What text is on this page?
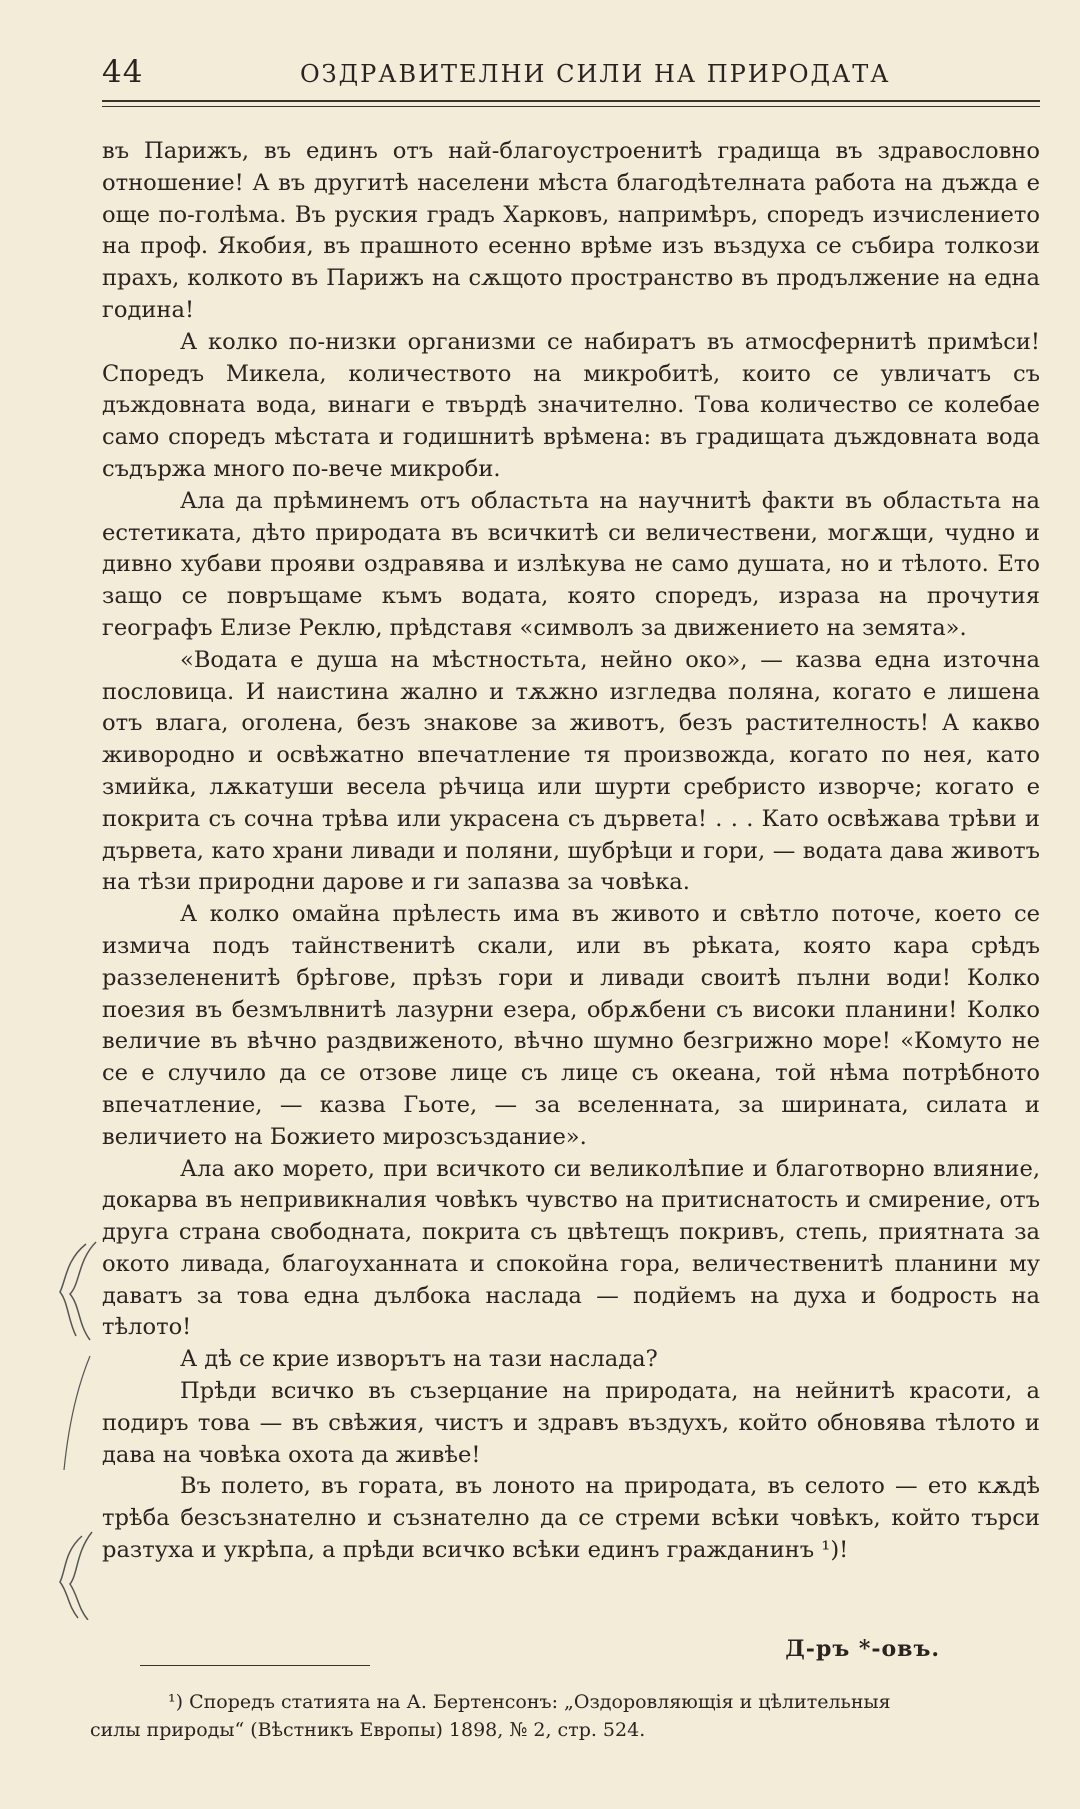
44	ОЗДРАВИТЕЛНИ СИЛИ НА ПРИРОДАТА

въ Парижъ, въ единъ отъ най-благоустроенитѣ градища въ здравословно отношение! А въ другитѣ населени мѣста благодѣтелната работа на дъжда е още по-голѣма. Въ руския градъ Харковъ, напримѣръ, споредъ изчислението на проф. Якобия, въ прашното есенно врѣме изъ въздуха се събира толкози прахъ, колкото въ Парижъ на сѫщото пространство въ продължение на една година!

А колко по-низки организми се набиратъ въ атмосфернитѣ примѣси! Споредъ Микела, количеството на микробитѣ, които се увличатъ съ дъждовната вода, винаги е твърдѣ значително. Това количество се колебае само споредъ мѣстата и годишнитѣ врѣмена: въ градищата дъждовната вода съдържа много по-вече микроби.

Ала да прѣминемъ отъ областьта на научнитѣ факти въ областьта на естетиката, дѣто природата въ всичкитѣ си величествени, могѫщи, чудно и дивно хубави прояви оздравява и излѣкува не само душата, но и тѣлото. Ето защо се повръщаме къмъ водата, която споредъ, израза на прочутия географъ Елизе Реклю, прѣдставя «символъ за движението на земята».

«Водата е душа на мѣстностьта, нейно око», — казва една източна пословица. И наистина жално и тѫжно изгледва поляна, когато е лишена отъ влага, оголена, безъ знакове за животъ, безъ растителность! А какво живородно и освѣжатно впечатление тя произвожда, когато по нея, като змийка, лѫкатуши весела рѣчица или шурти сребристо изворче; когато е покрита съ сочна трѣва или украсена съ дървета! . . . Като освѣжава трѣви и дървета, като храни ливади и поляни, шубрѣци и гори, — водата дава животъ на тѣзи природни дарове и ги запазва за човѣка.

А колко омайна прѣлесть има въ живото и свѣтло поточе, което се измича подъ тайнственитѣ скали, или въ рѣката, която кара срѣдъ раззелененитѣ брѣгове, прѣзъ гори и ливади своитѣ пълни води! Колко поезия въ безмълвнитѣ лазурни езера, обрѫбени съ високи планини! Колко величие въ вѣчно раздвиженото, вѣчно шумно безгрижно море! «Комуто не се е случило да се отзове лице съ лице съ океана, той нѣма потрѣбното впечатление, — казва Гьоте, — за вселенната, за ширината, силата и величието на Божието мирозсъздание».

Ала ако морето, при всичкото си великолѣпие и благотворно влияние, докарва въ непривикналия човѣкъ чувство на притиснатость и смирение, отъ друга страна свободната, покрита съ цвѣтещъ покривъ, степь, приятната за окото ливада, благоуханната и спокойна гора, величественитѣ планини му даватъ за това една дълбока наслада — подйемъ на духа и бодрость на тѣлото!

А дѣ се крие изворътъ на тази наслада?

Прѣди всичко въ съзерцание на природата, на нейнитѣ красоти, а подиръ това — въ свѣжия, чистъ и здравъ въздухъ, който обновява тѣлото и дава на човѣка охота да живѣе!

Въ полето, въ гората, въ лоното на природата, въ селото — ето кѫдѣ трѣба безсъзнателно и съзнателно да се стреми всѣки човѣкъ, който търси разтуха и укрѣпа, а прѣди всичко всѣки единъ гражданинъ ¹)!

Д-ръ *-овъ.
¹) Споредъ статията на А. Бертенсонъ: „Оздоровляющія и цѣлительныя
силы природы“ (Вѣстникъ Европы) 1898, № 2, стр. 524.
